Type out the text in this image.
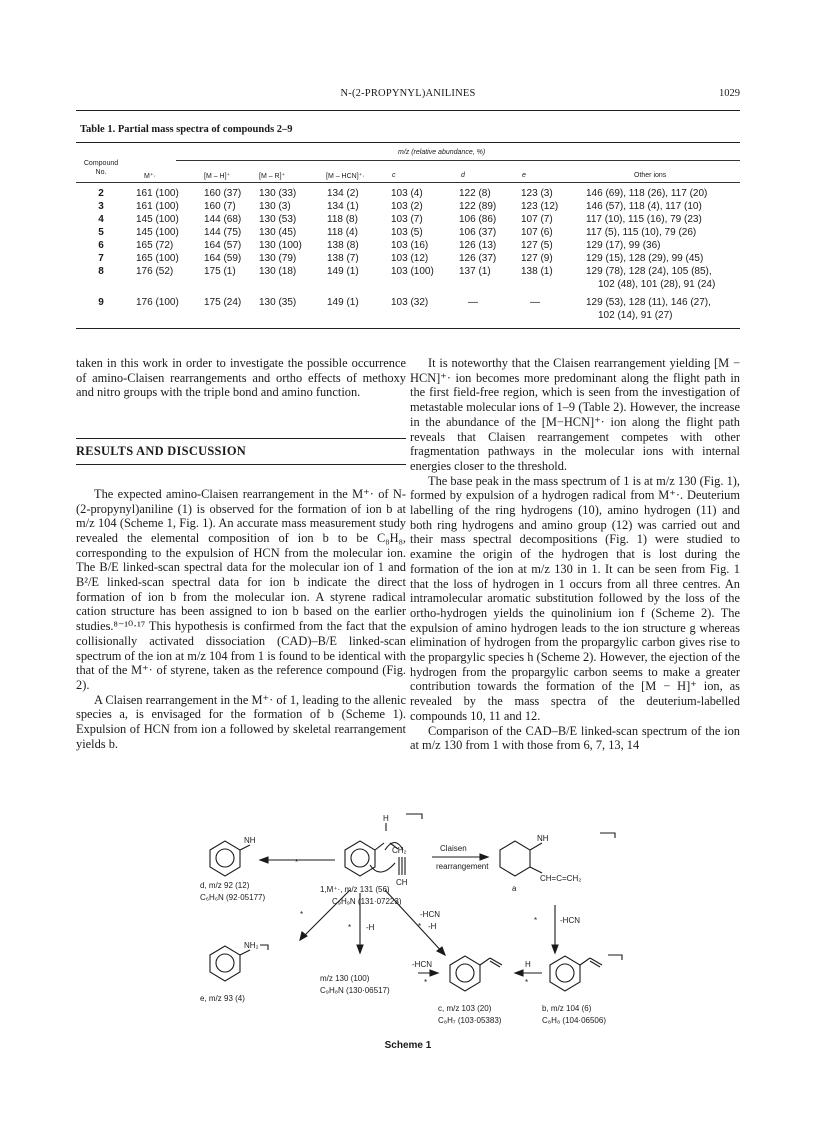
N-(2-PROPYNYL)ANILINES	1029
Table 1. Partial mass spectra of compounds 2–9
m/z (relative abundance, %)
Compound
No.
M⁺·	[M – H]⁺	[M – R]⁺	[M – HCN]⁺·	c	d	e	Other ions
2	161 (100)	160 (37) 130 (33)	134 (2)	103 (4)	122 (8)	123 (3)	146 (69), 118 (26), 117 (20)
3	161 (100)	160 (7) 130 (3)	134 (1)	103 (2)	122 (89) 123 (12)	146 (57), 118 (4), 117 (10)
4	145 (100)	144 (68) 130 (53)	118 (8)	103 (7)	106 (86) 107 (7)	117 (10), 115 (16), 79 (23)
5	145 (100)	144 (75) 130 (45)	118 (4)	103 (5)	106 (37) 107 (6)	117 (5), 115 (10), 79 (26)
6	165 (72)	164 (57) 130 (100)	138 (8)	103 (16)	126 (13) 127 (5)	129 (17), 99 (36)
7	165 (100)	164 (59) 130 (79)	138 (7)	103 (12)	126 (37) 127 (9)	129 (15), 128 (29), 99 (45)
8	176 (52)	175 (1) 130 (18)	149 (1)	103 (100)	137 (1)	138 (1)	129 (78), 128 (24), 105 (85),
102 (48), 101 (28), 91 (24)
9	176 (100)	175 (24) 130 (35)	149 (1)	103 (32)	—	—	129 (53), 128 (11), 146 (27),
102 (14), 91 (27)

taken in this work in order to investigate the possible occurrence of amino-Claisen rearrangements and ortho effects of methoxy and nitro groups with the triple bond and amino function.

RESULTS AND DISCUSSION

The expected amino-Claisen rearrangement in the M⁺· of N-(2-propynyl)aniline (1) is observed for the formation of ion b at m/z 104 (Scheme 1, Fig. 1). An accurate mass measurement study revealed the elemental composition of ion b to be C₈H₈, corresponding to the expulsion of HCN from the molecular ion. The B/E linked-scan spectral data for the molecular ion of 1 and B²/E linked-scan spectral data for ion b indicate the direct formation of ion b from the molecular ion. A styrene radical cation structure has been assigned to ion b based on the earlier studies.⁸⁻¹⁰·¹⁷ This hypothesis is confirmed from the fact that the collisionally activated dissociation (CAD)–B/E linked-scan spectrum of the ion at m/z 104 from 1 is found to be identical with that of the M⁺· of styrene, taken as the reference compound (Fig. 2).

A Claisen rearrangement in the M⁺· of 1, leading to the allenic species a, is envisaged for the formation of b (Scheme 1). Expulsion of HCN from ion a followed by skeletal rearrangement yields b.

It is noteworthy that the Claisen rearrangement yielding [M − HCN]⁺· ion becomes more predominant along the flight path in the first field-free region, which is seen from the investigation of metastable molecular ions of 1–9 (Table 2). However, the increase in the abundance of the [M−HCN]⁺· ion along the flight path reveals that Claisen rearrangement competes with other fragmentation pathways in the molecular ions with internal energies closer to the threshold.

The base peak in the mass spectrum of 1 is at m/z 130 (Fig. 1), formed by expulsion of a hydrogen radical from M⁺·. Deuterium labelling of the ring hydrogens (10), amino hydrogen (11) and both ring hydrogens and amino group (12) was carried out and their mass spectral decompositions (Fig. 1) were studied to examine the origin of the hydrogen that is lost during the formation of the ion at m/z 130 in 1. It can be seen from Fig. 1 that the loss of hydrogen in 1 occurs from all three centres. An intramolecular aromatic substitution followed by the loss of the ortho-hydrogen yields the quinolinium ion f (Scheme 2). The expulsion of amino hydrogen leads to the ion structure g whereas elimination of hydrogen from the propargylic carbon gives rise to the propargylic species h (Scheme 2). However, the ejection of the hydrogen from the propargylic carbon seems to make a greater contribution towards the formation of the [M − H]⁺ ion, as revealed by the mass spectra of the deuterium-labelled compounds 10, 11 and 12.

Comparison of the CAD–B/E linked-scan spectrum of the ion at m/z 130 from 1 with those from 6, 7, 13, 14

NH
d, m/z 92 (12)
C₆H₆N (92·05177)
*
CH₂
CH
H
1,M⁺·, m/z 131 (56)
C₉H₉N (131·07223)
Claisen
rearrangement
NH
CH=C=CH₂
a
*	-HCN
*
* -H
-HCN
* -H
NH₂
e, m/z 93 (4)
m/z 130 (100)
C₉H₈N (130·06517)
-HCN
*
H
*
c, m/z 103 (20)
C₈H₇ (103·05383)
b, m/z 104 (6)
C₈H₈ (104·06506)
Scheme 1
